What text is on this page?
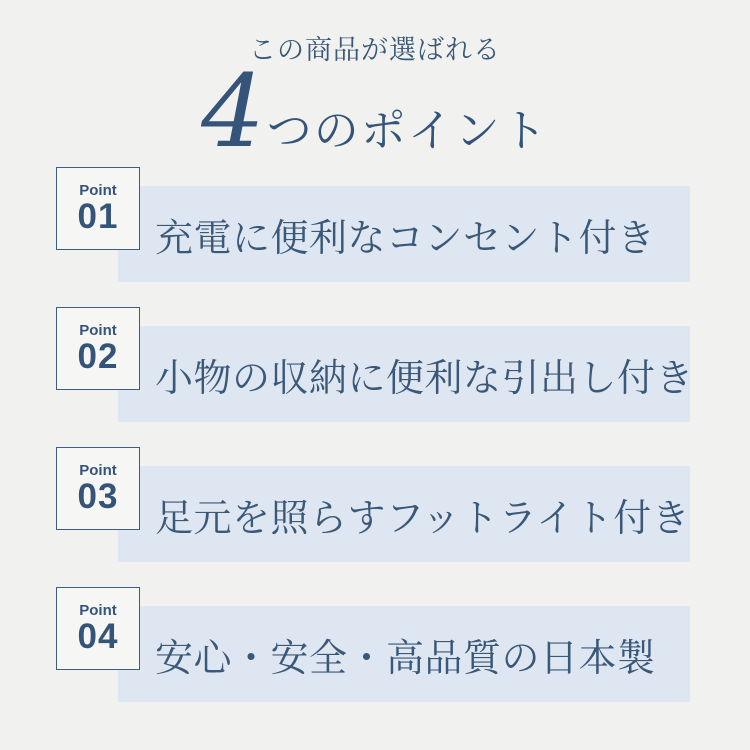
この商品が選ばれる
4 つのポイント
充電に便利なコンセント付き
Point
01
小物の収納に便利な引出し付き
Point
02
足元を照らすフットライト付き
Point
03
安心・安全・高品質の日本製
Point
04
